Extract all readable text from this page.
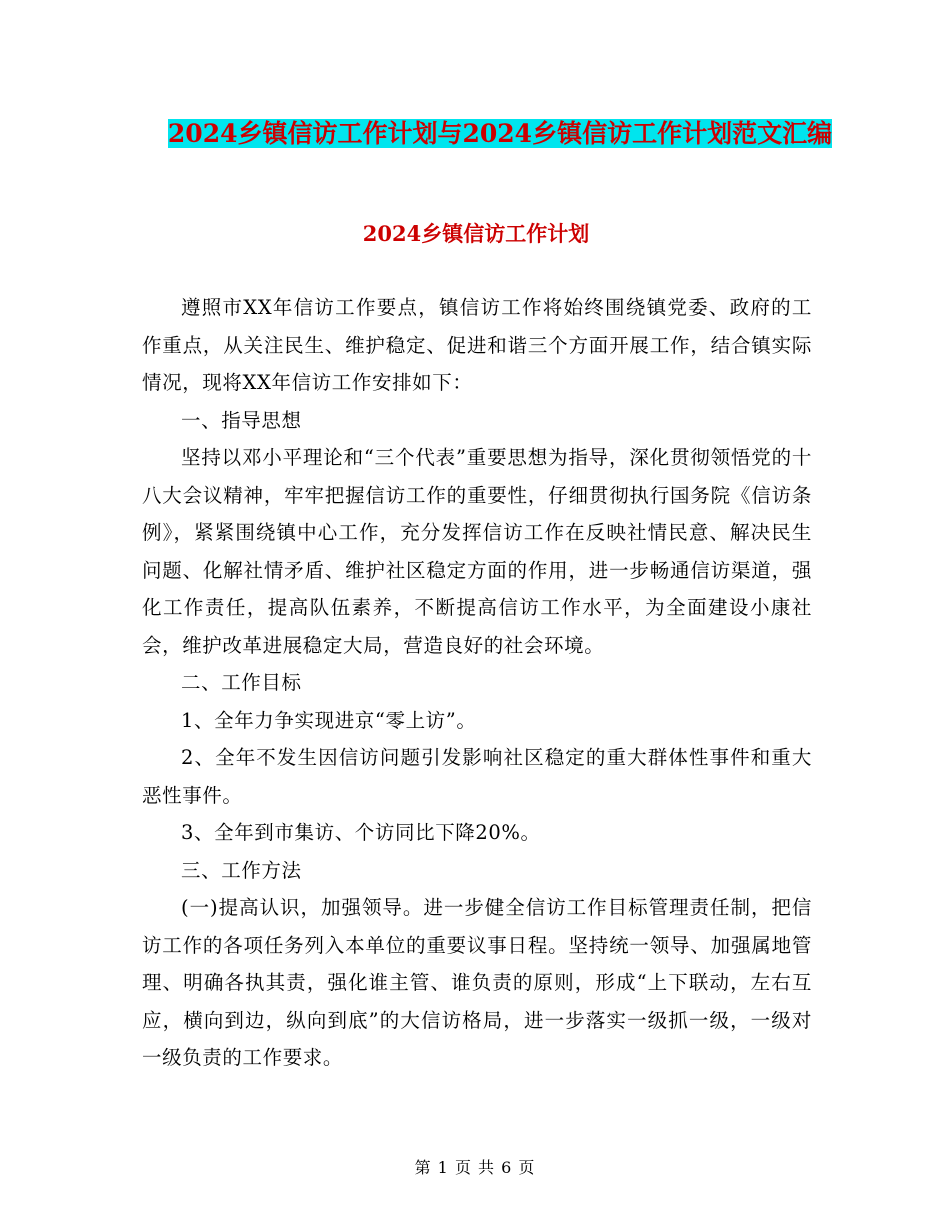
2024乡镇信访工作计划与2024乡镇信访工作计划范文汇编
2024乡镇信访工作计划

遵照市XX年信访工作要点，镇信访工作将始终围绕镇党委、政府的工作重点，从关注民生、维护稳定、促进和谐三个方面开展工作，结合镇实际情况，现将XX年信访工作安排如下：

一、指导思想

坚持以邓小平理论和“三个代表”重要思想为指导，深化贯彻领悟党的十八大会议精神，牢牢把握信访工作的重要性，仔细贯彻执行国务院《信访条例》，紧紧围绕镇中心工作，充分发挥信访工作在反映社情民意、解决民生问题、化解社情矛盾、维护社区稳定方面的作用，进一步畅通信访渠道，强化工作责任，提高队伍素养，不断提高信访工作水平，为全面建设小康社会，维护改革进展稳定大局，营造良好的社会环境。

二、工作目标

1、全年力争实现进京“零上访”。

2、全年不发生因信访问题引发影响社区稳定的重大群体性事件和重大恶性事件。

3、全年到市集访、个访同比下降20%。

三、工作方法

(一)提高认识，加强领导。进一步健全信访工作目标管理责任制，把信访工作的各项任务列入本单位的重要议事日程。坚持统一领导、加强属地管理、明确各执其责，强化谁主管、谁负责的原则，形成“上下联动，左右互应，横向到边，纵向到底”的大信访格局，进一步落实一级抓一级，一级对一级负责的工作要求。

第 1 页 共 6 页
